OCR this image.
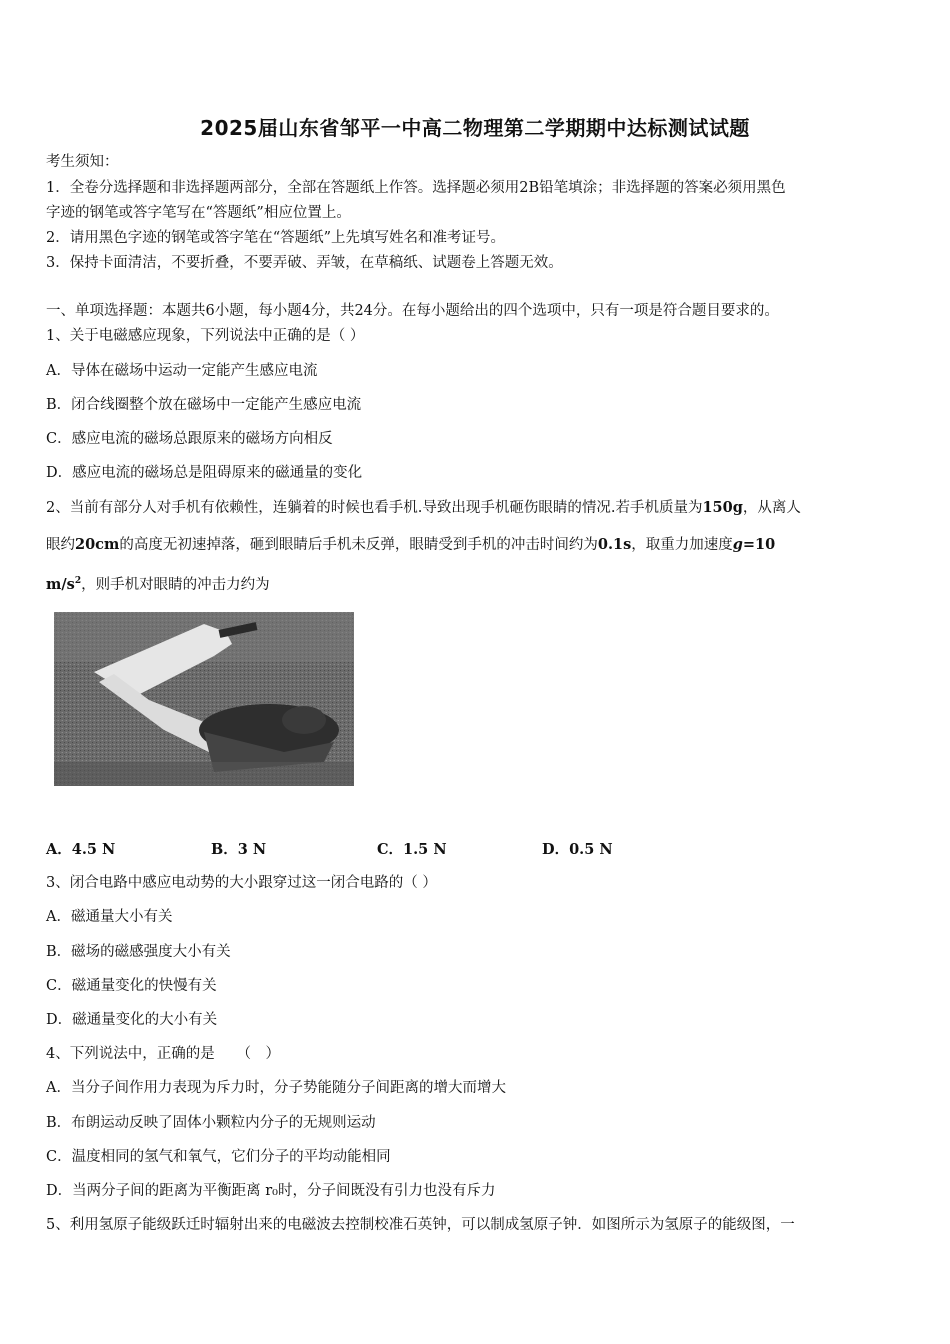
2025届山东省邹平一中高二物理第二学期期中达标测试试题
考生须知：
1．全卷分选择题和非选择题两部分，全部在答题纸上作答。选择题必须用2B铅笔填涂；非选择题的答案必须用黑色
字迹的钢笔或答字笔写在“答题纸”相应位置上。
2．请用黑色字迹的钢笔或答字笔在“答题纸”上先填写姓名和准考证号。
3．保持卡面清洁，不要折叠，不要弄破、弄皱，在草稿纸、试题卷上答题无效。
一、单项选择题：本题共6小题，每小题4分，共24分。在每小题给出的四个选项中，只有一项是符合题目要求的。
1、关于电磁感应现象，下列说法中正确的是（ ）
A．导体在磁场中运动一定能产生感应电流
B．闭合线圈整个放在磁场中一定能产生感应电流
C．感应电流的磁场总跟原来的磁场方向相反
D．感应电流的磁场总是阻碍原来的磁通量的变化
2、当前有部分人对手机有依赖性，连躺着的时候也看手机.导致出现手机砸伤眼睛的情况.若手机质量为150g，从离人
眼约20cm的高度无初速掉落，砸到眼睛后手机未反弹，眼睛受到手机的冲击时间约为0.1s，取重力加速度g=10
$m/s^2$，则手机对眼睛的冲击力约为
A．4.5 N	B．3 N	C．1.5 N	D．0.5 N
3、闭合电路中感应电动势的大小跟穿过这一闭合电路的（ ）
A．磁通量大小有关
B．磁场的磁感强度大小有关
C．磁通量变化的快慢有关
D．磁通量变化的大小有关
4、下列说法中，正确的是　　（　）
A．当分子间作用力表现为斥力时，分子势能随分子间距离的增大而增大
B．布朗运动反映了固体小颗粒内分子的无规则运动
C．温度相同的氢气和氧气，它们分子的平均动能相同
D．当两分子间的距离为平衡距离 r₀时，分子间既没有引力也没有斥力
5、利用氢原子能级跃迁时辐射出来的电磁波去控制校准石英钟，可以制成氢原子钟．如图所示为氢原子的能级图，一
